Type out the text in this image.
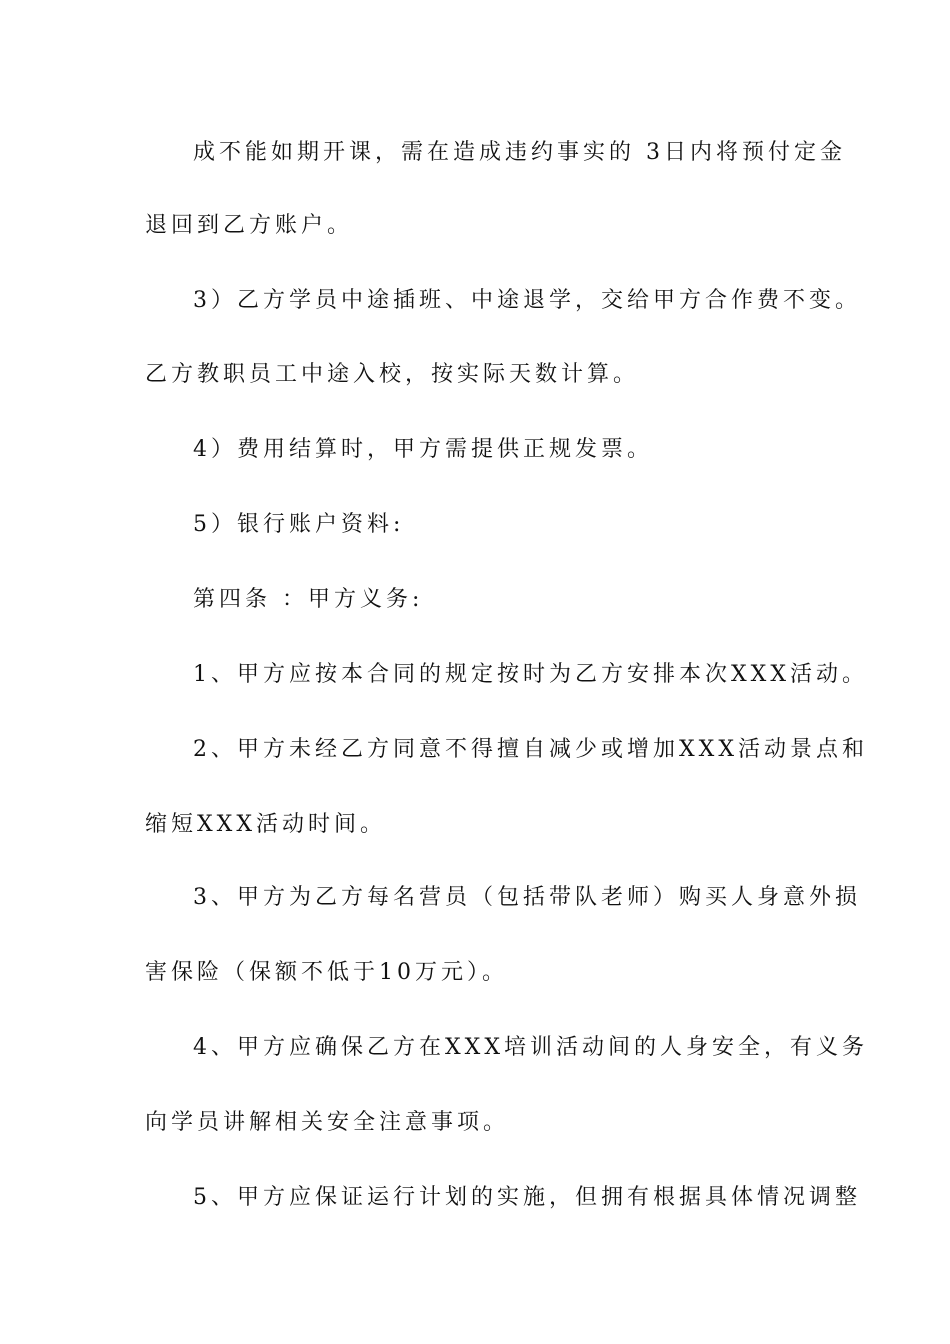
成不能如期开课，需在造成违约事实的 3日内将预付定金
退回到乙方账户。
3）乙方学员中途插班、中途退学，交给甲方合作费不变。
乙方教职员工中途入校，按实际天数计算。
4）费用结算时，甲方需提供正规发票。
5）银行账户资料:
第四条 ：甲方义务:
1、甲方应按本合同的规定按时为乙方安排本次XXX活动。
2、甲方未经乙方同意不得擅自减少或增加XXX活动景点和
缩短XXX活动时间。
3、甲方为乙方每名营员（包括带队老师）购买人身意外损
害保险（保额不低于10万元）。
4、甲方应确保乙方在XXX培训活动间的人身安全，有义务
向学员讲解相关安全注意事项。
5、甲方应保证运行计划的实施，但拥有根据具体情况调整
